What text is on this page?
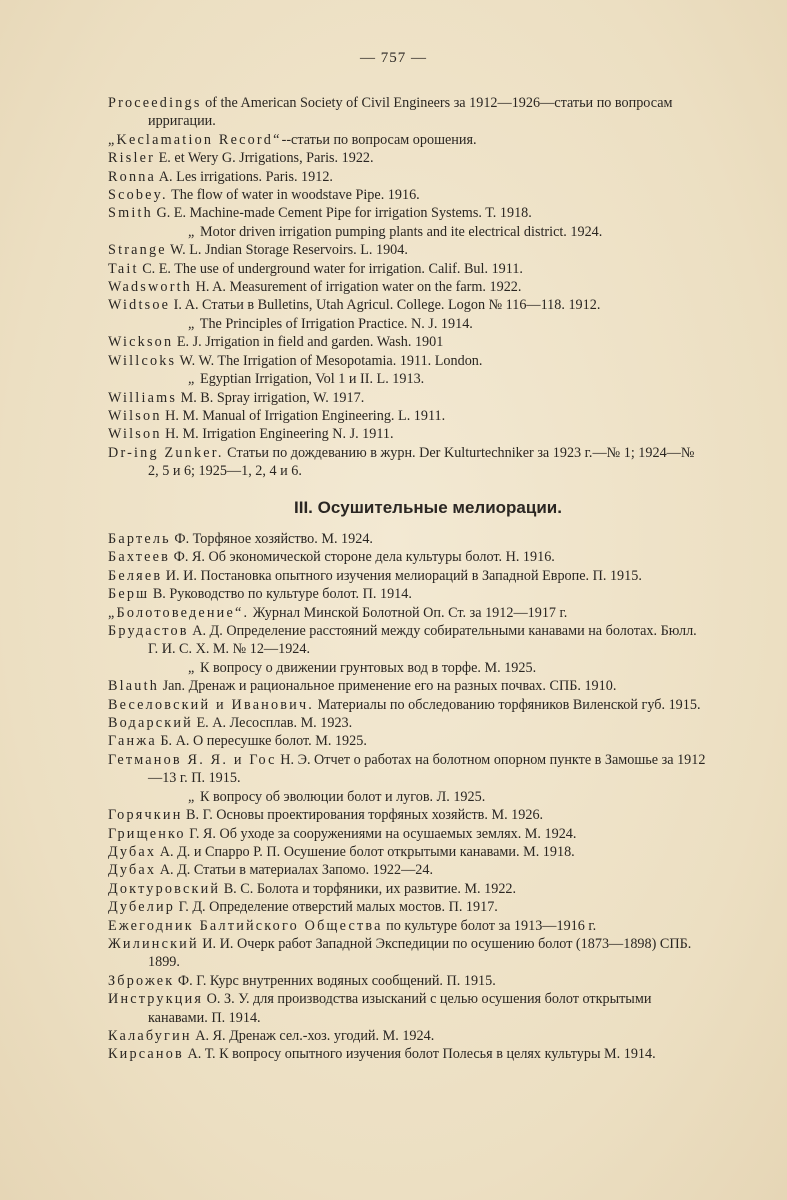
— 757 —

Proceedings of the American Society of Civil Engineers за 1912—1926—статьи по вопросам ирригации.

„Keclamation Record“--статьи по вопросам орошения.

Risler E. et Wery G. Jrrigations, Paris. 1922.

Ronna A. Les irrigations. Paris. 1912.

Scobey. The flow of water in woodstave Pipe. 1916.

Smith G. E. Machine-made Cement Pipe for irrigation Systems. T. 1918.

„ Motor driven irrigation pumping plants and ite electrical district. 1924.

Strange W. L. Jndian Storage Reservoirs. L. 1904.

Tait C. E. The use of underground water for irrigation. Calif. Bul. 1911.

Wadsworth H. A. Measurement of irrigation water on the farm. 1922.

Widtsoe I. A. Статьи в Bulletins, Utah Agricul. College. Logon № 116—118. 1912.

„ The Principles of Irrigation Practice. N. J. 1914.

Wickson E. J. Jrrigation in field and garden. Wash. 1901

Willcoks W. W. The Irrigation of Mesopotamia. 1911. London.

„ Egyptian Irrigation, Vol 1 и II. L. 1913.

Williams M. B. Spray irrigation, W. 1917.

Wilson H. M. Manual of Irrigation Engineering. L. 1911.

Wilson H. M. Irrigation Engineering N. J. 1911.

Dr-ing Zunker. Статьи по дождеванию в журн. Der Kulturtechniker за 1923 г.—№ 1; 1924—№ 2, 5 и 6; 1925—1, 2, 4 и 6.

III. Осушительные мелиорации.

Бартель Ф. Торфяное хозяйство. М. 1924.

Бахтеев Ф. Я. Об экономической стороне дела культуры болот. Н. 1916.

Беляев И. И. Постановка опытного изучения мелиораций в Западной Европе. П. 1915.

Берш В. Руководство по культуре болот. П. 1914.

„Болотоведение“. Журнал Минской Болотной Оп. Ст. за 1912—1917 г.

Брудастов А. Д. Определение расстояний между собирательными канавами на болотах. Бюлл. Г. И. С. Х. М. № 12—1924.

„ К вопросу о движении грунтовых вод в торфе. М. 1925.

Blauth Jan. Дренаж и рациональное применение его на разных почвах. СПБ. 1910.

Веселовский и Иванович. Материалы по обследованию торфяников Виленской губ. 1915.

Водарский Е. А. Лесосплав. М. 1923.

Ганжа Б. А. О пересушке болот. М. 1925.

Гетманов Я. Я. и Гос Н. Э. Отчет о работах на болотном опорном пункте в Замошье за 1912—13 г. П. 1915.

„ К вопросу об эволюции болот и лугов. Л. 1925.

Горячкин В. Г. Основы проектирования торфяных хозяйств. М. 1926.

Грищенко Г. Я. Об уходе за сооружениями на осушаемых землях. М. 1924.

Дубах А. Д. и Спарро Р. П. Осушение болот открытыми канавами. М. 1918.

Дубах А. Д. Статьи в материалах Запомо. 1922—24.

Доктуровский В. С. Болота и торфяники, их развитие. М. 1922.

Дубелир Г. Д. Определение отверстий малых мостов. П. 1917.

Ежегодник Балтийского Общества по культуре болот за 1913—1916 г.

Жилинский И. И. Очерк работ Западной Экспедиции по осушению болот (1873—1898) СПБ. 1899.

Зброжек Ф. Г. Курс внутренних водяных сообщений. П. 1915.

Инструкция О. З. У. для производства изысканий с целью осушения болот открытыми канавами. П. 1914.

Калабугин А. Я. Дренаж сел.-хоз. угодий. М. 1924.

Кирсанов А. Т. К вопросу опытного изучения болот Полесья в целях культуры М. 1914.
